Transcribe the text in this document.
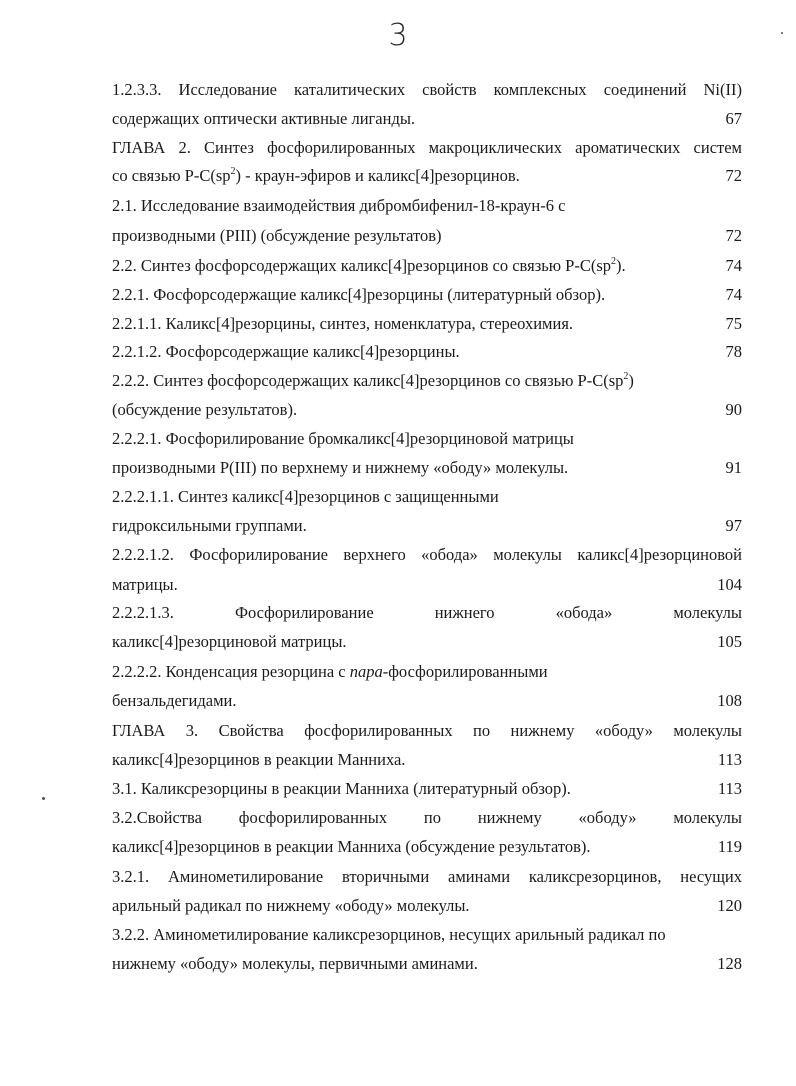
3
1.2.3.3. Исследование каталитических свойств комплексных соединений Ni(II)
содержащих оптически активные лиганды.	67
ГЛАВА 2. Синтез фосфорилированных макроциклических ароматических систем
со связью $P-C(sp^2)$ - краун-эфиров и каликс[4]резорцинов.	72
2.1. Исследование взаимодействия дибромбифенил-18-краун-6 с
производными (PIII) (обсуждение результатов)	72
2.2. Синтез фосфорсодержащих каликс[4]резорцинов со связью $P-C(sp^2)$.	74
2.2.1. Фосфорсодержащие каликс[4]резорцины (литературный обзор).	74
2.2.1.1. Каликс[4]резорцины, синтез, номенклатура, стереохимия.	75
2.2.1.2. Фосфорсодержащие каликс[4]резорцины.	78
2.2.2. Синтез фосфорсодержащих каликс[4]резорцинов со связью $P-C(sp^2)$
(обсуждение результатов).	90
2.2.2.1. Фосфорилирование бромкаликс[4]резорциновой матрицы
производными P(III) по верхнему и нижнему «ободу» молекулы.	91
2.2.2.1.1. Синтез каликс[4]резорцинов с защищенными
гидроксильными группами.	97
2.2.2.1.2. Фосфорилирование верхнего «обода» молекулы каликс[4]резорциновой
матрицы.	104
2.2.2.1.3. Фосфорилирование нижнего «обода» молекулы
каликс[4]резорциновой матрицы.	105
2.2.2.2. Конденсация резорцина с пара-фосфорилированными
бензальдегидами.	108
ГЛАВА 3. Свойства фосфорилированных по нижнему «ободу» молекулы
каликс[4]резорцинов в реакции Манниха.	113
3.1. Каликсрезорцины в реакции Манниха (литературный обзор).	113
3.2.Свойства фосфорилированных по нижнему «ободу» молекулы
каликс[4]резорцинов в реакции Манниха (обсуждение результатов).	119
3.2.1. Аминометилирование вторичными аминами каликсрезорцинов, несущих
арильный радикал по нижнему «ободу» молекулы.	120
3.2.2. Аминометилирование каликсрезорцинов, несущих арильный радикал по
нижнему «ободу» молекулы, первичными аминами.	128
